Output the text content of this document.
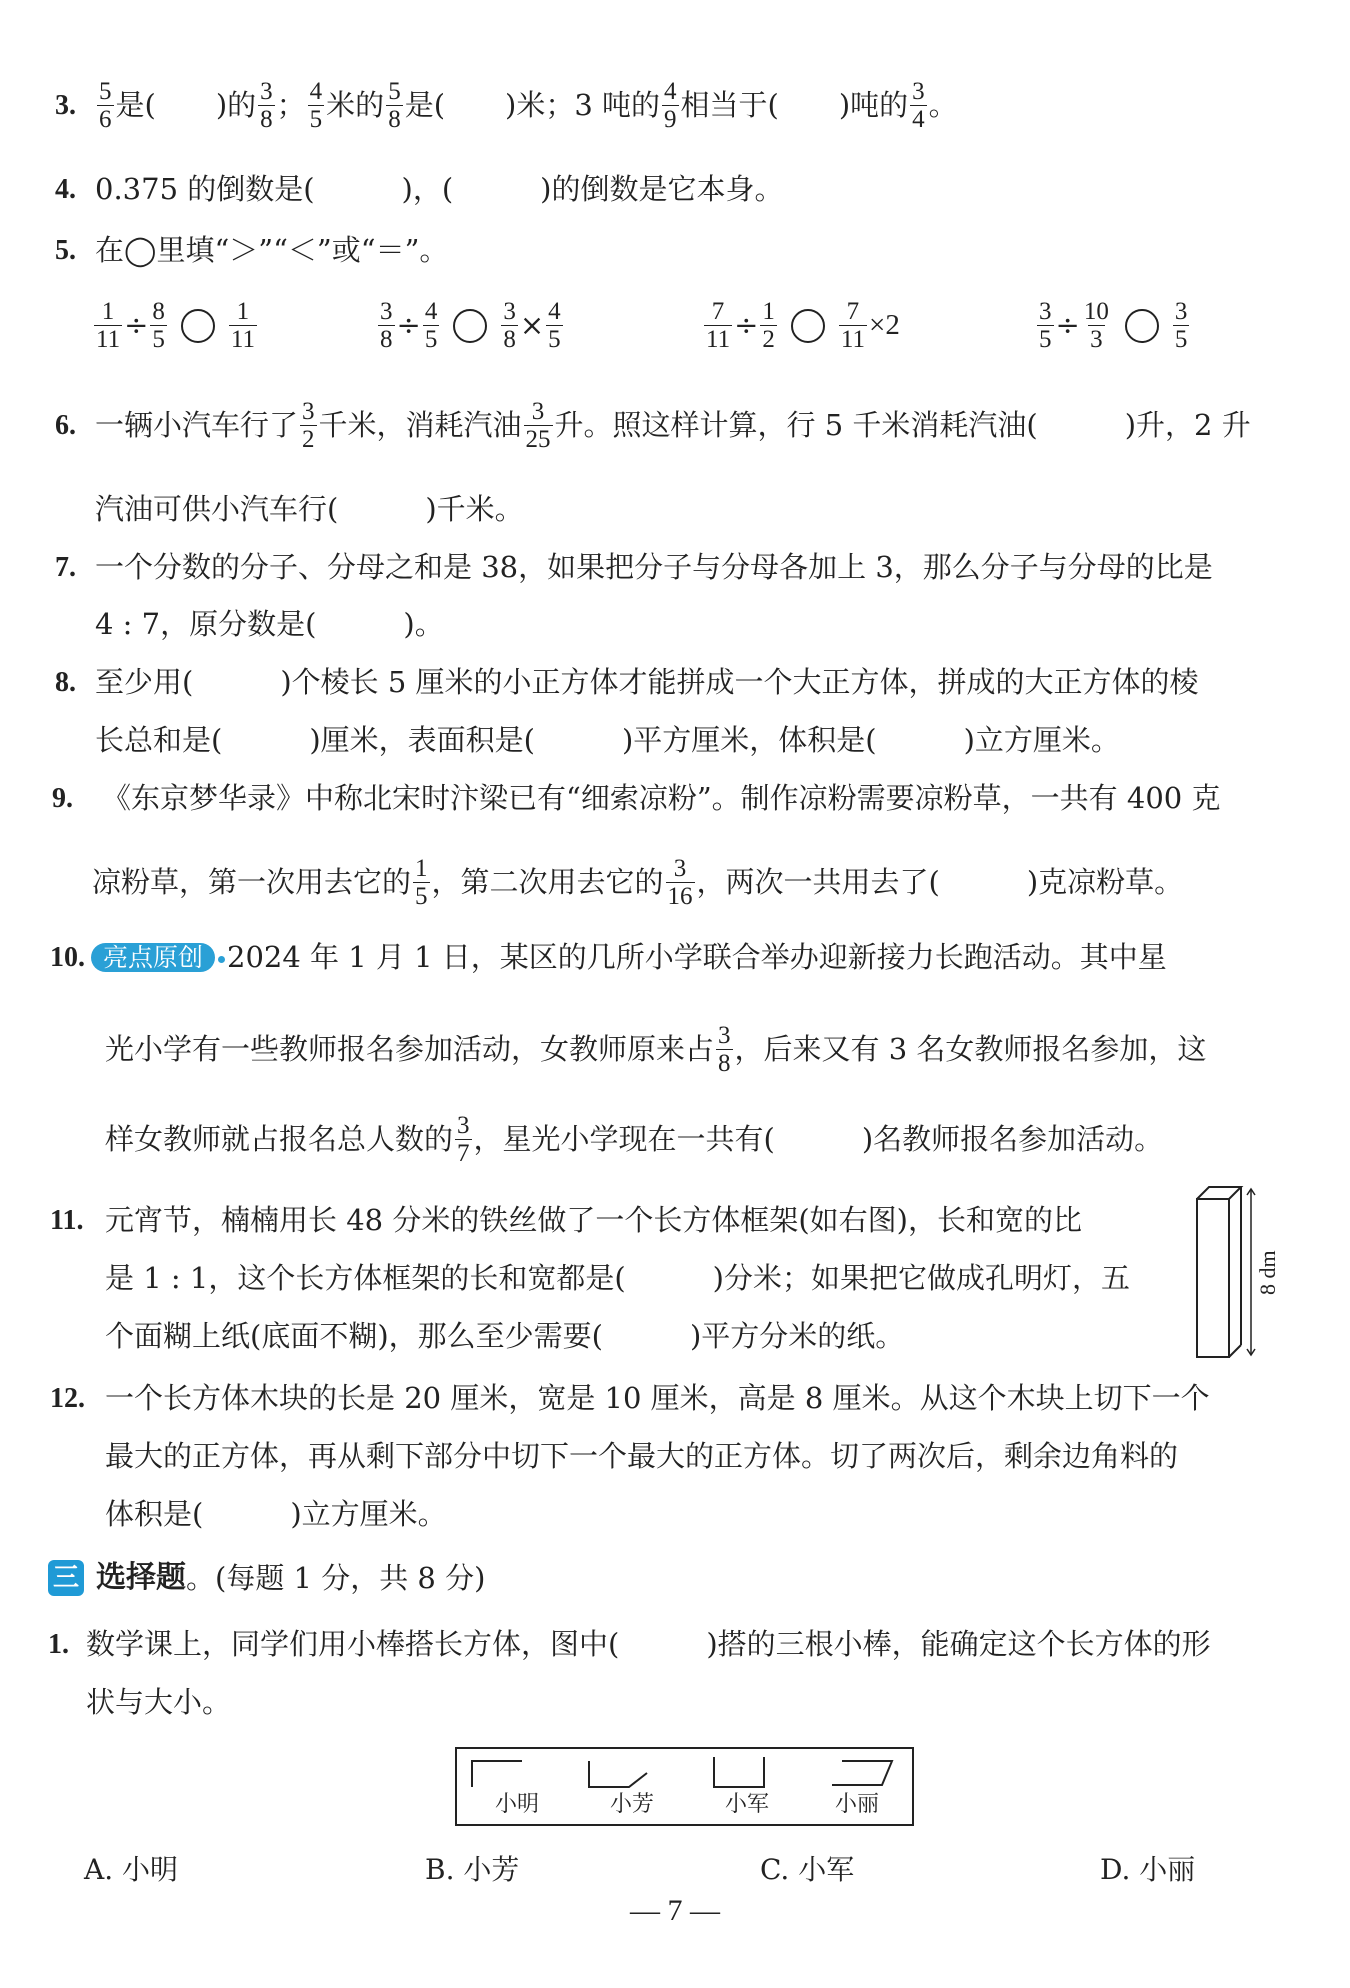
3. $\frac{5}{6}$ 是( )的 $\frac{3}{8}$ ； $\frac{4}{5}$ 米的 $\frac{5}{8}$ 是( )米；3 吨的 $\frac{4}{9}$ 相当于( )吨的 $\frac{3}{4}$ 。
4. 0.375 的倒数是(　　　)，(　　　)的倒数是它本身。
5. 在◯里填“＞”“＜”或“＝”。
$\frac{1}{11} \div \frac{8}{5} \frac{1}{11}$	$\frac{3}{8} \div \frac{4}{5} \frac{3}{8} \times \frac{4}{5}$	$\frac{7}{11} \div \frac{1}{2} \frac{7}{11} \times 2$	$\frac{3}{5} \div \frac{10}{3} \frac{3}{5}$
6. 一辆小汽车行了 $\frac{3}{2}$ 千米，消耗汽油 $\frac{3}{25}$ 升。照这样计算，行 5 千米消耗汽油(　　　)升，2 升
汽油可供小汽车行(　　　)千米。
7. 一个分数的分子、分母之和是 38，如果把分子与分母各加上 3，那么分子与分母的比是
4 : 7，原分数是(　　　)。
8. 至少用(　　　)个棱长 5 厘米的小正方体才能拼成一个大正方体，拼成的大正方体的棱
长总和是(　　　)厘米，表面积是(　　　)平方厘米，体积是(　　　)立方厘米。
9.	《东京梦华录》中称北宋时汴梁已有“细索凉粉”。制作凉粉需要凉粉草，一共有 400 克
凉粉草，第一次用去它的 $\frac{1}{5}$ ，第二次用去它的 $\frac{3}{16}$ ，两次一共用去了(　　　)克凉粉草。
10. 亮点原创 2024 年 1 月 1 日，某区的几所小学联合举办迎新接力长跑活动。其中星
光小学有一些教师报名参加活动，女教师原来占 $\frac{3}{8}$ ，后来又有 3 名女教师报名参加，这
样女教师就占报名总人数的 $\frac{3}{7}$ ，星光小学现在一共有(　　　)名教师报名参加活动。
11. 元宵节，楠楠用长 48 分米的铁丝做了一个长方体框架(如右图)，长和宽的比
是 1 : 1，这个长方体框架的长和宽都是(　　　)分米；如果把它做成孔明灯，五
个面糊上纸(底面不糊)，那么至少需要(　　　)平方分米的纸。
8 dm
12. 一个长方体木块的长是 20 厘米，宽是 10 厘米，高是 8 厘米。从这个木块上切下一个
最大的正方体，再从剩下部分中切下一个最大的正方体。切了两次后，剩余边角料的
体积是(　　　)立方厘米。
三 选择题 。(每题 1 分，共 8 分)
1. 数学课上，同学们用小棒搭长方体，图中(　　　)搭的三根小棒，能确定这个长方体的形
状与大小。
小明	小芳	小军	小丽
A. 小明	B. 小芳	C. 小军	D. 小丽
— 7 —
